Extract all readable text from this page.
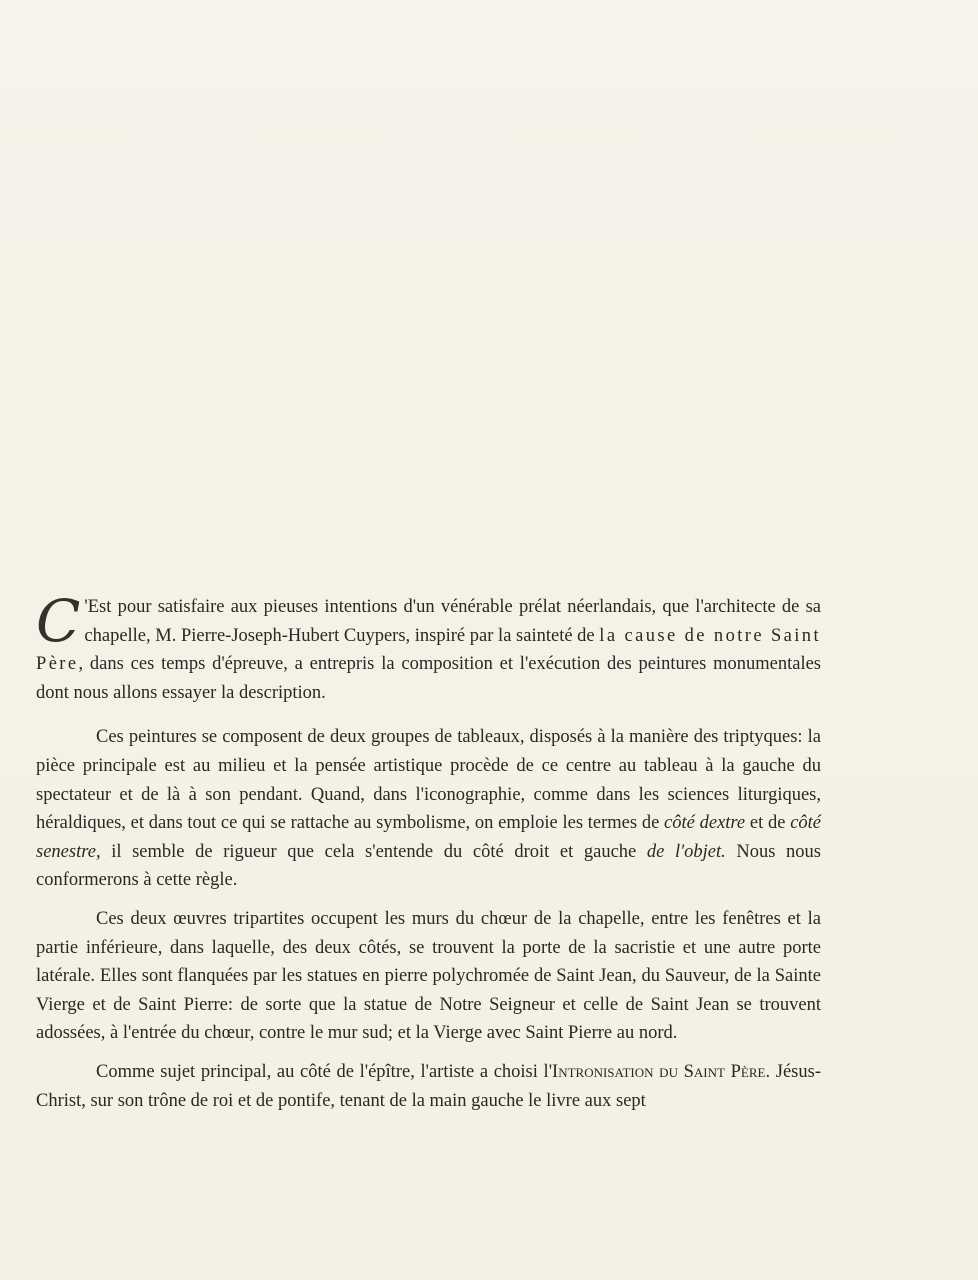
C 'Est pour satisfaire aux pieuses intentions d'un vénérable prélat néerlandais, que l'architecte de sa chapelle, M. Pierre-Joseph-Hubert Cuypers, inspiré par la sainteté de la cause de notre Saint Père, dans ces temps d'épreuve, a entrepris la composition et l'exécution des peintures monumentales dont nous allons essayer la description.

Ces peintures se composent de deux groupes de tableaux, disposés à la manière des triptyques: la pièce principale est au milieu et la pensée artistique procède de ce centre au tableau à la gauche du spectateur et de là à son pendant. Quand, dans l'iconographie, comme dans les sciences liturgiques, héraldiques, et dans tout ce qui se rattache au symbolisme, on emploie les termes de côté dextre et de côté senestre, il semble de rigueur que cela s'entende du côté droit et gauche de l'objet. Nous nous conformerons à cette règle.

Ces deux œuvres tripartites occupent les murs du chœur de la chapelle, entre les fenêtres et la partie inférieure, dans laquelle, des deux côtés, se trouvent la porte de la sacristie et une autre porte latérale. Elles sont flanquées par les statues en pierre polychromée de Saint Jean, du Sauveur, de la Sainte Vierge et de Saint Pierre: de sorte que la statue de Notre Seigneur et celle de Saint Jean se trouvent adossées, à l'entrée du chœur, contre le mur sud; et la Vierge avec Saint Pierre au nord.

Comme sujet principal, au côté de l'épître, l'artiste a choisi l'Intronisation du Saint Père. Jésus-Christ, sur son trône de roi et de pontife, tenant de la main gauche le livre aux sept
